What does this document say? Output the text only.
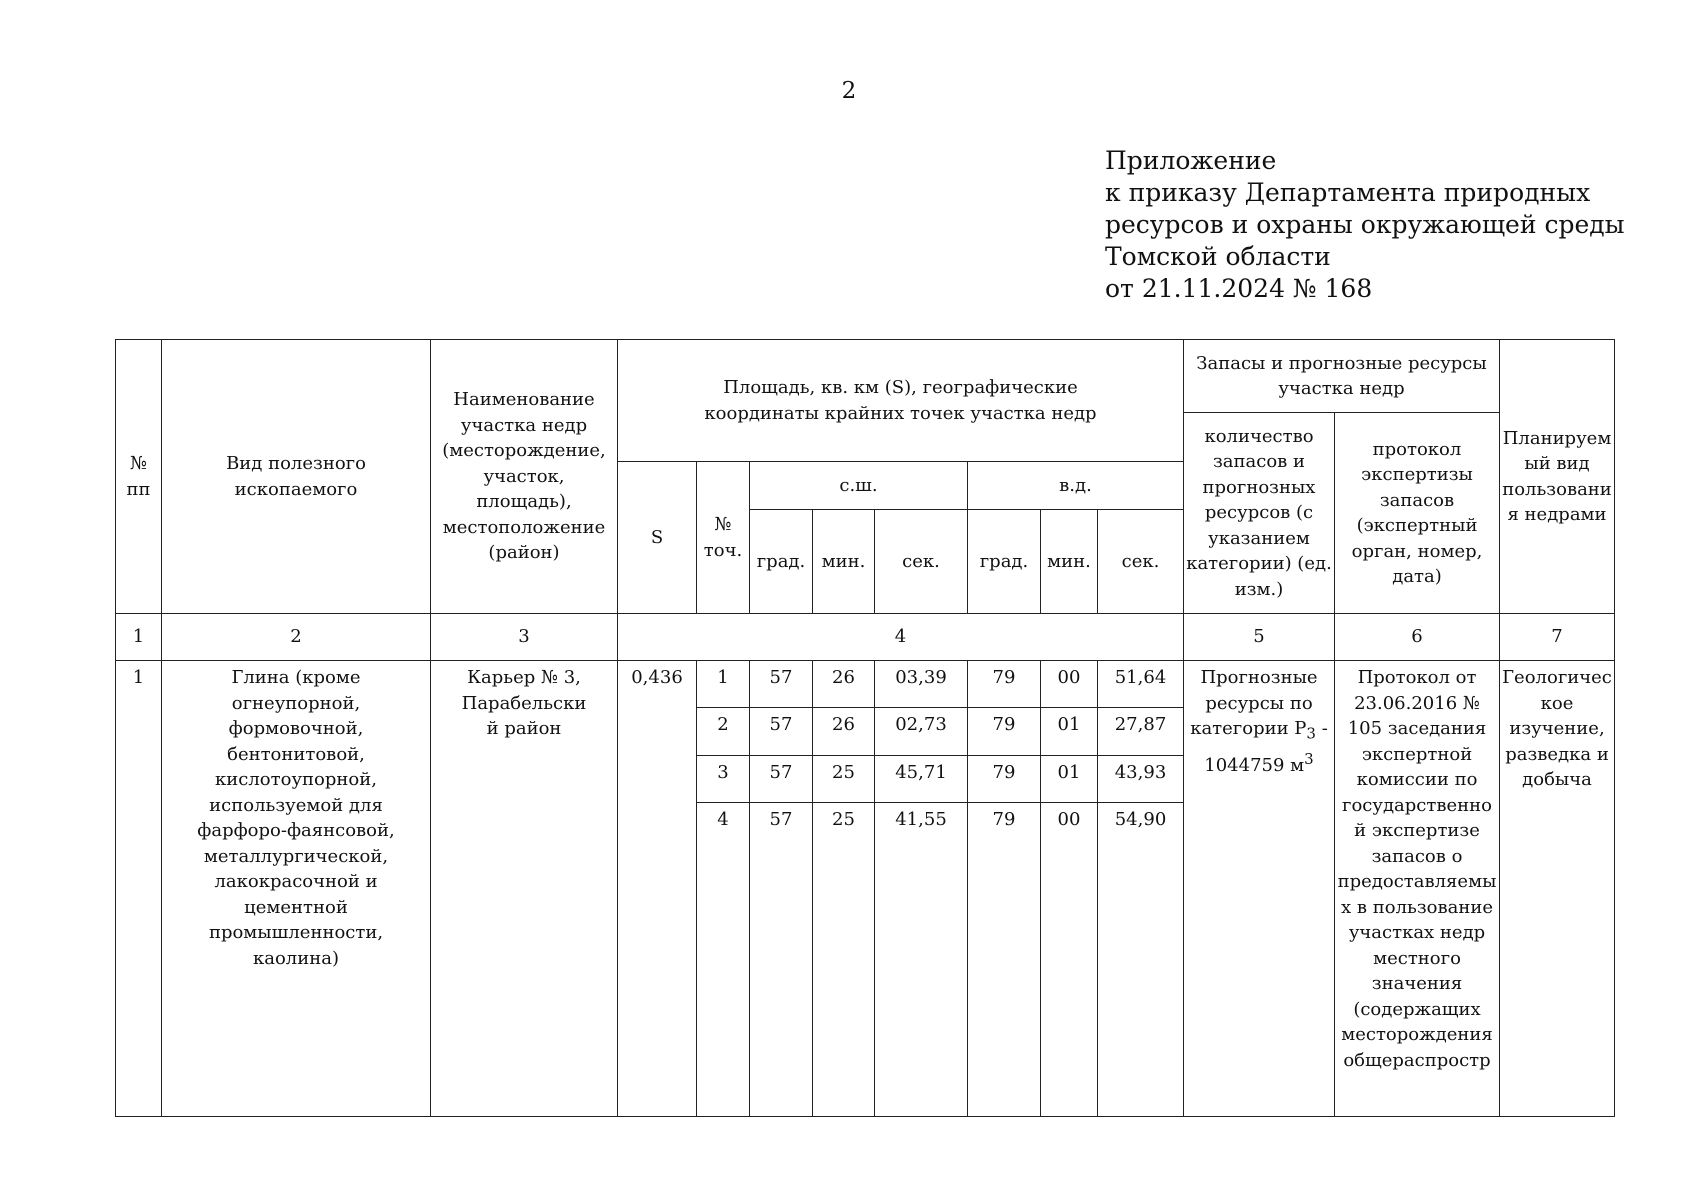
2
Приложение
к приказу Департамента природных
ресурсов и охраны окружающей среды
Томской области
от 21.11.2024 № 168
№ пп	Вид полезного ископаемого	Наименование участка недр (месторождение, участок, площадь), местоположение (район)	Площадь, кв. км (S), географические координаты крайних точек участка недр								Запасы и прогнозные ресурсы участка недр		Планируемый вид пользования недрами
											количество запасов и прогнозных ресурсов (с указанием категории) (ед. изм.)	протокол экспертизы запасов (экспертный орган, номер, дата)	
			S	№ точ.	с.ш.			в.д.					
					град.	мин.	сек.	град.	мин.	сек.			
1	2	3	4								5	6	7
1	Глина (кроме огнеупорной, формовочной, бентонитовой, кислотоупорной, используемой для фарфоро-фаянсовой, металлургической, лакокрасочной и цементной промышленности, каолина)	Карьер № 3, Парабельский район	0,436	1	57	26	03,39	79	00	51,64	Прогнозные ресурсы по категории $P_3 - 1044759$ $м^3$	Протокол от 23.06.2016 № 105 заседания экспертной комиссии по государственной экспертизе запасов о предоставляемых в пользование участках недр местного значения (содержащих месторождения общераспростр	Геологическое изучение, разведка и добыча
				2	57	26	02,73	79	01	27,87			
				3	57	25	45,71	79	01	43,93			
				4	57	25	41,55	79	00	54,90			
